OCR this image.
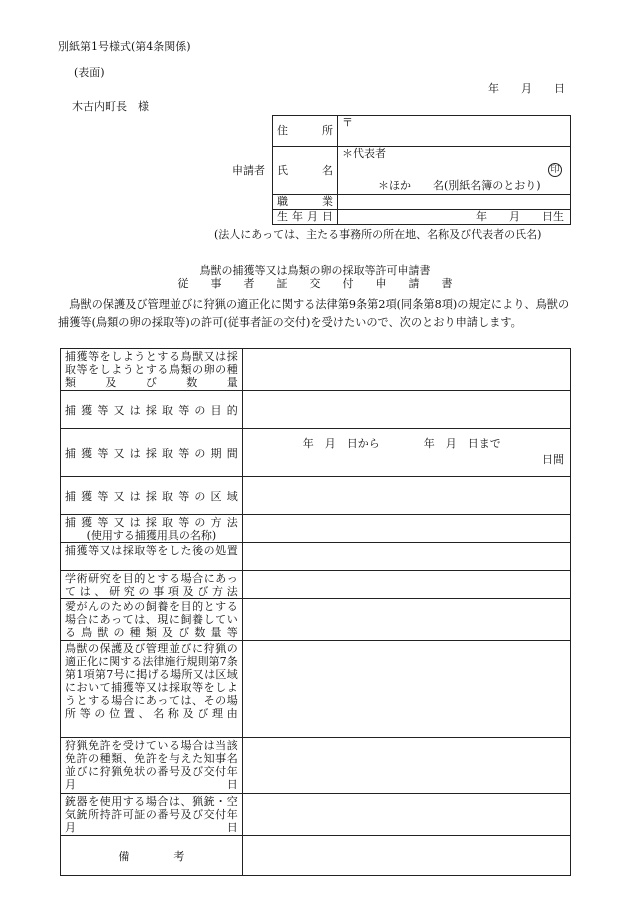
別紙第1号様式(第4条関係)
(表面)
年　　月　　日
木古内町長　様
申請者
住所	〒
氏名	＊代表者
印
＊ほか　　名(別紙名簿のとおり)

職業	
生年月日	年　　月　　日生
(法人にあっては、主たる事務所の所在地、名称及び代表者の氏名)
鳥獣の捕獲等又は鳥類の卵の採取等許可申請書
従　　事　　者　　証　　交　　付　　申　　請　　書
　鳥獣の保護及び管理並びに狩猟の適正化に関する法律第9条第2項(同条第8項)の規定により、鳥獣の捕獲等(鳥類の卵の採取等)の許可(従事者証の交付)を受けたいので、次のとおり申請します。
捕獲等をしようとする鳥獣又は採取等をしようとする鳥類の卵の種類及び数量	
捕獲等又は採取等の目的	
捕獲等又は採取等の期間	年　月　日から　　　　年　月　日まで
日間

捕獲等又は採取等の区域	

捕獲等又は採取等の方法
(使用する捕獲用具の名称)	

捕獲等又は採取等をした後の処置	
学術研究を目的とする場合にあっては、研究の事項及び方法	
愛がんのための飼養を目的とする場合にあっては、現に飼養している鳥獣の種類及び数量等	
鳥獣の保護及び管理並びに狩猟の適正化に関する法律施行規則第7条第1項第7号に掲げる場所又は区域において捕獲等又は採取等をしようとする場合にあっては、その場所等の位置、名称及び理由	
狩猟免許を受けている場合は当該免許の種類、免許を与えた知事名並びに狩猟免状の番号及び交付年月日	
銃器を使用する場合は、猟銃・空気銃所持許可証の番号及び交付年月日	
備　　　　考	
